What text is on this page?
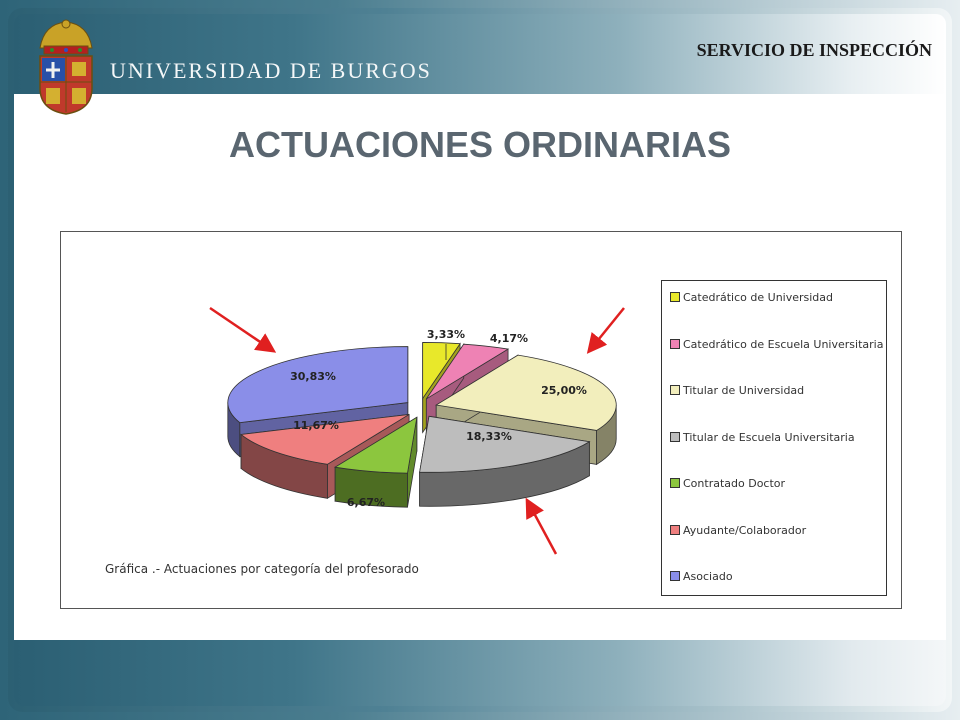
UNIVERSIDAD DE BURGOS
SERVICIO DE INSPECCIÓN
ACTUACIONES ORDINARIAS
3,33% 4,17%
25,00%
18,33%
6,67%
11,67%
30,83%
Catedrático de Universidad
Catedrático de Escuela Universitaria
Titular de Universidad
Titular de Escuela Universitaria
Contratado Doctor
Ayudante/Colaborador
Asociado
Gráfica .- Actuaciones por categoría del profesorado
